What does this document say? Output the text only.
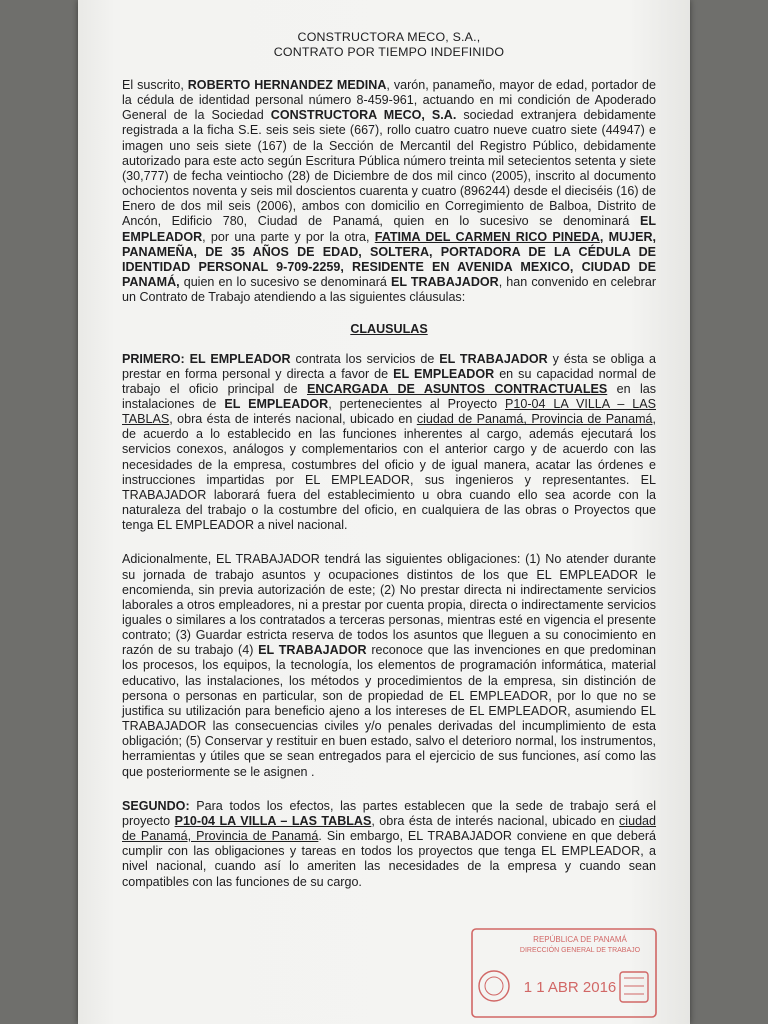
CONSTRUCTORA MECO, S.A.,
CONTRATO POR TIEMPO INDEFINIDO

El suscrito, ROBERTO HERNANDEZ MEDINA, varón, panameño, mayor de edad, portador de la cédula de identidad personal número 8-459-961, actuando en mi condición de Apoderado General de la Sociedad CONSTRUCTORA MECO, S.A. sociedad extranjera debidamente registrada a la ficha S.E. seis seis siete (667), rollo cuatro cuatro nueve cuatro siete (44947) e imagen uno seis siete (167) de la Sección de Mercantil del Registro Público, debidamente autorizado para este acto según Escritura Pública número treinta mil setecientos setenta y siete (30,777) de fecha veintiocho (28) de Diciembre de dos mil cinco (2005), inscrito al documento ochocientos noventa y seis mil doscientos cuarenta y cuatro (896244) desde el dieciséis (16) de Enero de dos mil seis (2006), ambos con domicilio en Corregimiento de Balboa, Distrito de Ancón, Edificio 780, Ciudad de Panamá, quien en lo sucesivo se denominará EL EMPLEADOR, por una parte y por la otra, FATIMA DEL CARMEN RICO PINEDA, MUJER, PANAMEÑA, DE 35 AÑOS DE EDAD, SOLTERA, PORTADORA DE LA CÉDULA DE IDENTIDAD PERSONAL 9-709-2259, RESIDENTE EN AVENIDA MEXICO, CIUDAD DE PANAMÁ, quien en lo sucesivo se denominará EL TRABAJADOR, han convenido en celebrar un Contrato de Trabajo atendiendo a las siguientes cláusulas:

CLAUSULAS

PRIMERO: EL EMPLEADOR contrata los servicios de EL TRABAJADOR y ésta se obliga a prestar en forma personal y directa a favor de EL EMPLEADOR en su capacidad normal de trabajo el oficio principal de ENCARGADA DE ASUNTOS CONTRACTUALES en las instalaciones de EL EMPLEADOR, pertenecientes al Proyecto P10-04 LA VILLA – LAS TABLAS, obra ésta de interés nacional, ubicado en ciudad de Panamá, Provincia de Panamá, de acuerdo a lo establecido en las funciones inherentes al cargo, además ejecutará los servicios conexos, análogos y complementarios con el anterior cargo y de acuerdo con las necesidades de la empresa, costumbres del oficio y de igual manera, acatar las órdenes e instrucciones impartidas por EL EMPLEADOR, sus ingenieros y representantes. EL TRABAJADOR laborará fuera del establecimiento u obra cuando ello sea acorde con la naturaleza del trabajo o la costumbre del oficio, en cualquiera de las obras o Proyectos que tenga EL EMPLEADOR a nivel nacional.

Adicionalmente, EL TRABAJADOR tendrá las siguientes obligaciones: (1) No atender durante su jornada de trabajo asuntos y ocupaciones distintos de los que EL EMPLEADOR le encomienda, sin previa autorización de este; (2) No prestar directa ni indirectamente servicios laborales a otros empleadores, ni a prestar por cuenta propia, directa o indirectamente servicios iguales o similares a los contratados a terceras personas, mientras esté en vigencia el presente contrato; (3) Guardar estricta reserva de todos los asuntos que lleguen a su conocimiento en razón de su trabajo (4) EL TRABAJADOR reconoce que las invenciones en que predominan los procesos, los equipos, la tecnología, los elementos de programación informática, material educativo, las instalaciones, los métodos y procedimientos de la empresa, sin distinción de persona o personas en particular, son de propiedad de EL EMPLEADOR, por lo que no se justifica su utilización para beneficio ajeno a los intereses de EL EMPLEADOR, asumiendo EL TRABAJADOR las consecuencias civiles y/o penales derivadas del incumplimiento de esta obligación; (5) Conservar y restituir en buen estado, salvo el deterioro normal, los instrumentos, herramientas y útiles que se sean entregados para el ejercicio de sus funciones, así como las que posteriormente se le asignen .

SEGUNDO: Para todos los efectos, las partes establecen que la sede de trabajo será el proyecto P10-04 LA VILLA – LAS TABLAS, obra ésta de interés nacional, ubicado en ciudad de Panamá, Provincia de Panamá. Sin embargo, EL TRABAJADOR conviene en que deberá cumplir con las obligaciones y tareas en todos los proyectos que tenga EL EMPLEADOR, a nivel nacional, cuando así lo ameriten las necesidades de la empresa y cuando sean compatibles con las funciones de su cargo.

REPÚBLICA DE PANAMÁ
DIRECCIÓN GENERAL DE TRABAJO
1 1 ABR 2016
